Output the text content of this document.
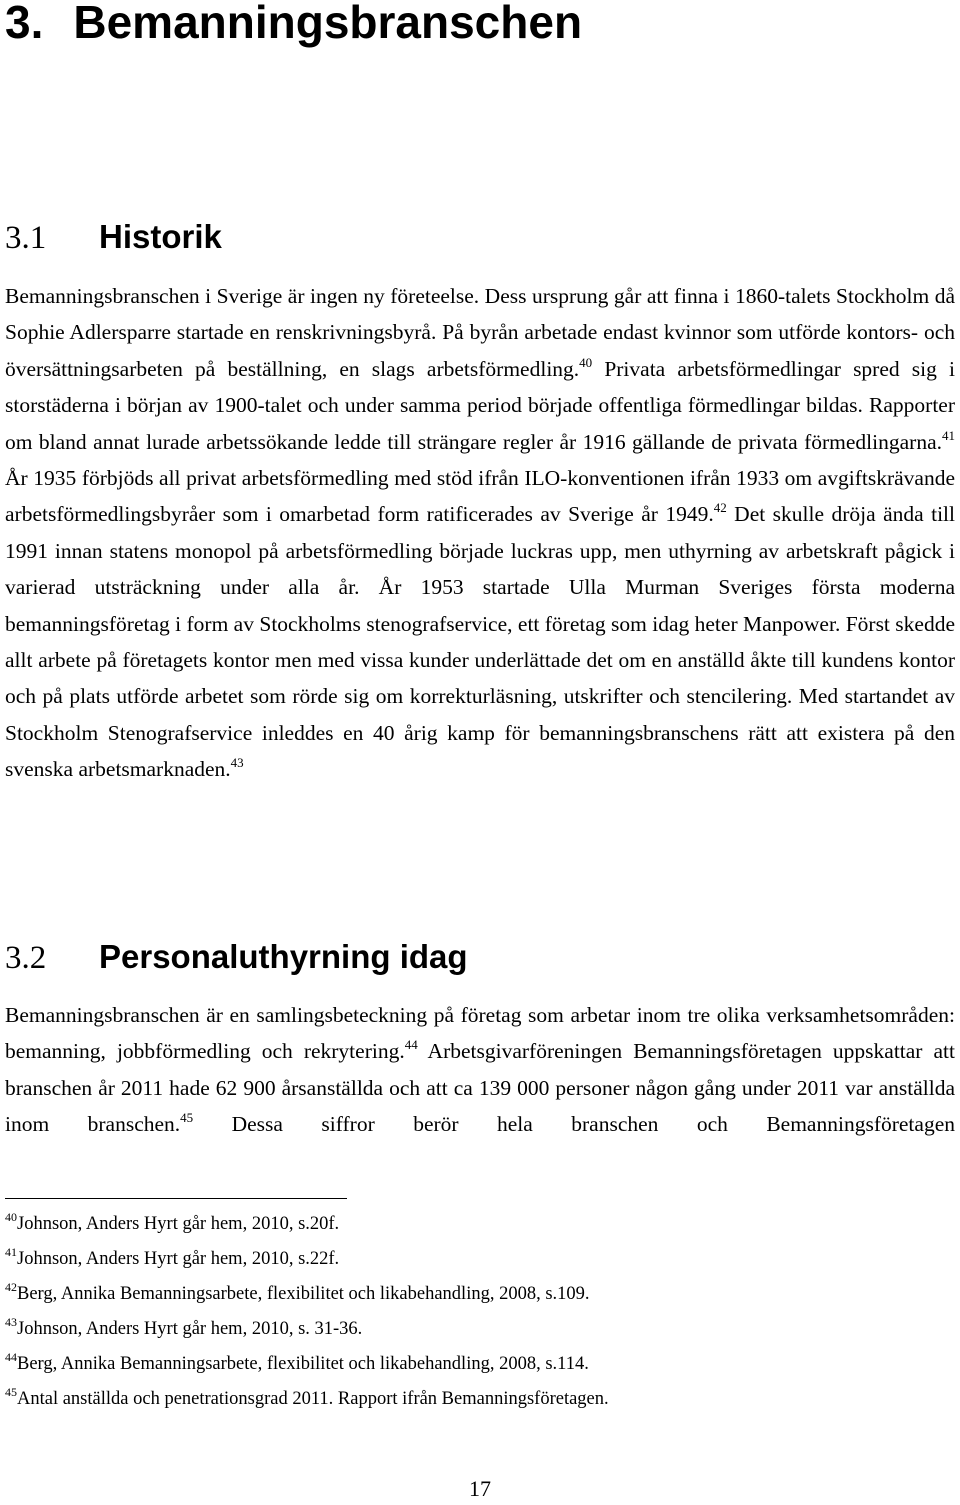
3. Bemanningsbranschen
3.1 Historik

Bemanningsbranschen i Sverige är ingen ny företeelse. Dess ursprung går att finna i 1860-talets Stockholm då Sophie Adlersparre startade en renskrivningsbyrå. På byrån arbetade endast kvinnor som utförde kontors- och översättningsarbeten på beställning, en slags arbetsförmedling.$^{40}$ Privata arbetsförmedlingar spred sig i storstäderna i början av 1900-talet och under samma period började offentliga förmedlingar bildas. Rapporter om bland annat lurade arbetssökande ledde till strängare regler år 1916 gällande de privata förmedlingarna.$^{41}$ År 1935 förbjöds all privat arbetsförmedling med stöd ifrån ILO-konventionen ifrån 1933 om avgiftskrävande arbetsförmedlingsbyråer som i omarbetad form ratificerades av Sverige år 1949.42 Det skulle dröja ända till 1991 innan statens monopol på arbetsförmedling började luckras upp, men uthyrning av arbetskraft pågick i varierad utsträckning under alla år. År 1953 startade Ulla Murman Sveriges första moderna bemanningsföretag i form av Stockholms stenografservice, ett företag som idag heter Manpower. Först skedde allt arbete på företagets kontor men med vissa kunder underlättade det om en anställd åkte till kundens kontor och på plats utförde arbetet som rörde sig om korrekturläsning, utskrifter och stencilering. Med startandet av Stockholm Stenografservice inleddes en 40 årig kamp för bemanningsbranschens rätt att existera på den svenska arbetsmarknaden.$^{43}$

3.2 Personaluthyrning idag

Bemanningsbranschen är en samlingsbeteckning på företag som arbetar inom tre olika verksamhetsområden: bemanning, jobbförmedling och rekrytering.$^{44}$ Arbetsgivarföreningen Bemanningsföretagen uppskattar att branschen år 2011 hade 62 900 årsanställda och att ca 139 000 personer någon gång under 2011 var anställda inom branschen.$^{45}$ Dessa siffror berör hela branschen och Bemanningsföretagen

$^{40}$Johnson, Anders Hyrt går hem, 2010, s.20f.

$^{41}$Johnson, Anders Hyrt går hem, 2010, s.22f.

$^{42}$Berg, Annika Bemanningsarbete, flexibilitet och likabehandling, 2008, s.109.

$^{43}$Johnson, Anders Hyrt går hem, 2010, s. 31-36.

$^{44}$Berg, Annika Bemanningsarbete, flexibilitet och likabehandling, 2008, s.114.

$^{45}$Antal anställda och penetrationsgrad 2011. Rapport ifrån Bemanningsföretagen.

17
